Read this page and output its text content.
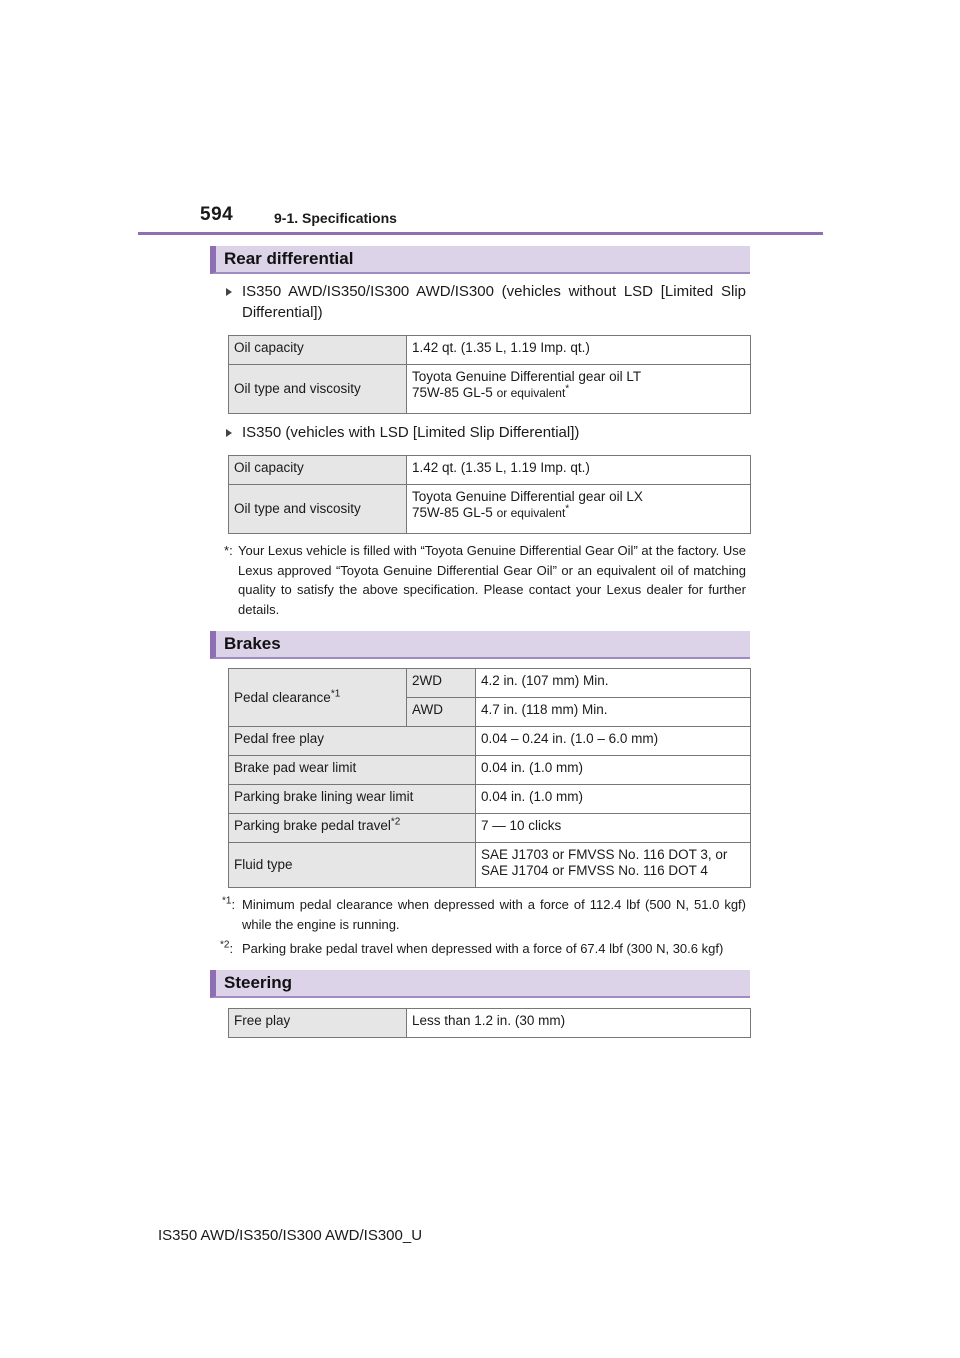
594	9-1. Specifications
Rear differential
IS350 AWD/IS350/IS300 AWD/IS300 (vehicles without LSD [Limited Slip Differential])
Oil capacity	1.42 qt. (1.35 L, 1.19 Imp. qt.)
Oil type and viscosity	Toyota Genuine Differential gear oil LT
75W-85 GL-5 or equivalent*
IS350 (vehicles with LSD [Limited Slip Differential])
Oil capacity	1.42 qt. (1.35 L, 1.19 Imp. qt.)
Oil type and viscosity	Toyota Genuine Differential gear oil LX
75W-85 GL-5 or equivalent*
*: Your Lexus vehicle is filled with “Toyota Genuine Differential Gear Oil” at the factory. Use Lexus approved “Toyota Genuine Differential Gear Oil” or an equivalent oil of matching quality to satisfy the above specification. Please contact your Lexus dealer for further details.
Brakes
Pedal clearance$^{*1}$	2WD	4.2 in. (107 mm) Min.
	AWD	4.7 in. (118 mm) Min.
Pedal free play		0.04 – 0.24 in. (1.0 – 6.0 mm)
Brake pad wear limit		0.04 in. (1.0 mm)
Parking brake lining wear limit		0.04 in. (1.0 mm)
Parking brake pedal travel$^{*2}$		7 — 10 clicks
Fluid type		SAE J1703 or FMVSS No. 116 DOT 3, or
SAE J1704 or FMVSS No. 116 DOT 4
$^{*1}$: Minimum pedal clearance when depressed with a force of 112.4 lbf (500 N, 51.0 kgf) while the engine is running.
$^{*2}$: Parking brake pedal travel when depressed with a force of 67.4 lbf (300 N, 30.6 kgf)
Steering
Free play	Less than 1.2 in. (30 mm)
IS350 AWD/IS350/IS300 AWD/IS300_U
